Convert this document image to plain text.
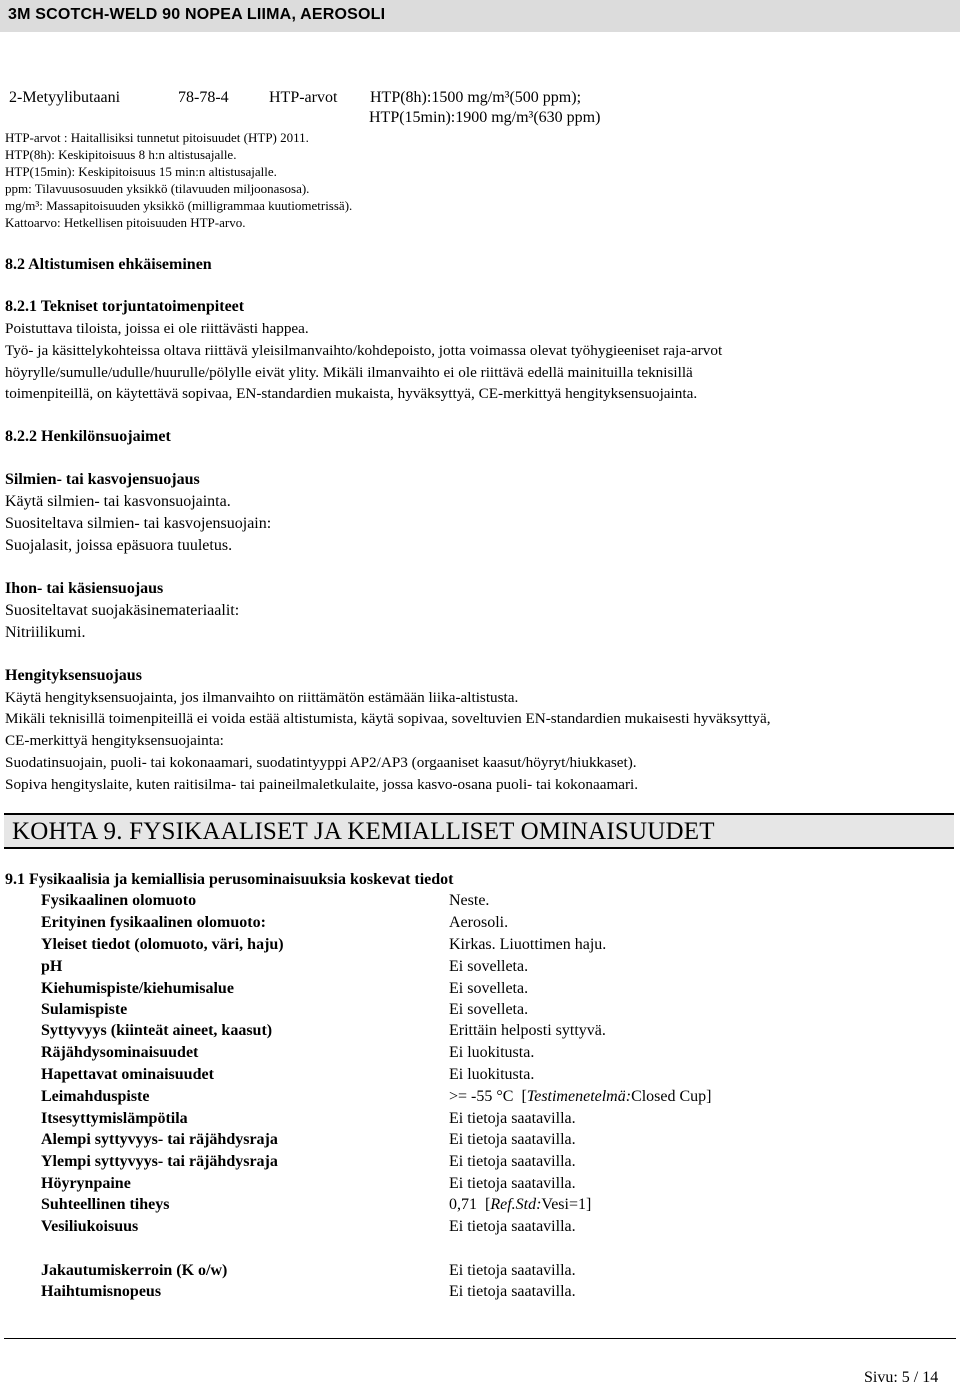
3M SCOTCH-WELD 90 NOPEA LIIMA, AEROSOLI
2-Metyylibutaani	78-78-4	HTP-arvot HTP(8h):1500 mg/m³(500 ppm);
HTP(15min):1900 mg/m³(630 ppm)
HTP-arvot : Haitallisiksi tunnetut pitoisuudet (HTP) 2011.
HTP(8h): Keskipitoisuus 8 h:n altistusajalle.
HTP(15min): Keskipitoisuus 15 min:n altistusajalle.
ppm: Tilavuusosuuden yksikkö (tilavuuden miljoonasosa).
mg/m³: Massapitoisuuden yksikkö (milligrammaa kuutiometrissä).
Kattoarvo: Hetkellisen pitoisuuden HTP-arvo.
8.2 Altistumisen ehkäiseminen
8.2.1 Tekniset torjuntatoimenpiteet
Poistuttava tiloista, joissa ei ole riittävästi happea.
Työ- ja käsittelykohteissa oltava riittävä yleisilmanvaihto/kohdepoisto, jotta voimassa olevat työhygieeniset raja-arvot
höyrylle/sumulle/udulle/huurulle/pölylle eivät ylity. Mikäli ilmanvaihto ei ole riittävä edellä mainituilla teknisillä
toimenpiteillä, on käytettävä sopivaa, EN-standardien mukaista, hyväksyttyä, CE-merkittyä hengityksensuojainta.
8.2.2 Henkilönsuojaimet
Silmien- tai kasvojensuojaus
Käytä silmien- tai kasvonsuojainta.
Suositeltava silmien- tai kasvojensuojain:
Suojalasit, joissa epäsuora tuuletus.
Ihon- tai käsiensuojaus
Suositeltavat suojakäsinemateriaalit:
Nitriilikumi.
Hengityksensuojaus
Käytä hengityksensuojainta, jos ilmanvaihto on riittämätön estämään liika-altistusta.
Mikäli teknisillä toimenpiteillä ei voida estää altistumista, käytä sopivaa, soveltuvien EN-standardien mukaisesti hyväksyttyä,
CE-merkittyä hengityksensuojainta:
Suodatinsuojain, puoli- tai kokonaamari, suodatintyyppi AP2/AP3 (orgaaniset kaasut/höyryt/hiukkaset).
Sopiva hengityslaite, kuten raitisilma- tai paineilmaletkulaite, jossa kasvo-osana puoli- tai kokonaamari.
KOHTA 9. FYSIKAALISET JA KEMIALLISET OMINAISUUDET
9.1 Fysikaalisia ja kemiallisia perusominaisuuksia koskevat tiedot
Fysikaalinen olomuoto	Neste.
Erityinen fysikaalinen olomuoto:	Aerosoli.
Yleiset tiedot (olomuoto, väri, haju)	Kirkas. Liuottimen haju.
pH	Ei sovelleta.
Kiehumispiste/kiehumisalue	Ei sovelleta.
Sulamispiste	Ei sovelleta.
Syttyvyys (kiinteät aineet, kaasut)	Erittäin helposti syttyvä.
Räjähdysominaisuudet	Ei luokitusta.
Hapettavat ominaisuudet	Ei luokitusta.
Leimahduspiste	>= -55 °C [Testimenetelmä:Closed Cup]
Itsesyttymislämpötila	Ei tietoja saatavilla.
Alempi syttyvyys- tai räjähdysraja	Ei tietoja saatavilla.
Ylempi syttyvyys- tai räjähdysraja	Ei tietoja saatavilla.
Höyrynpaine	Ei tietoja saatavilla.
Suhteellinen tiheys	0,71 [Ref.Std:Vesi=1]
Vesiliukoisuus	Ei tietoja saatavilla.
Jakautumiskerroin (K o/w)	Ei tietoja saatavilla.
Haihtumisnopeus	Ei tietoja saatavilla.
Sivu: 5 / 14
